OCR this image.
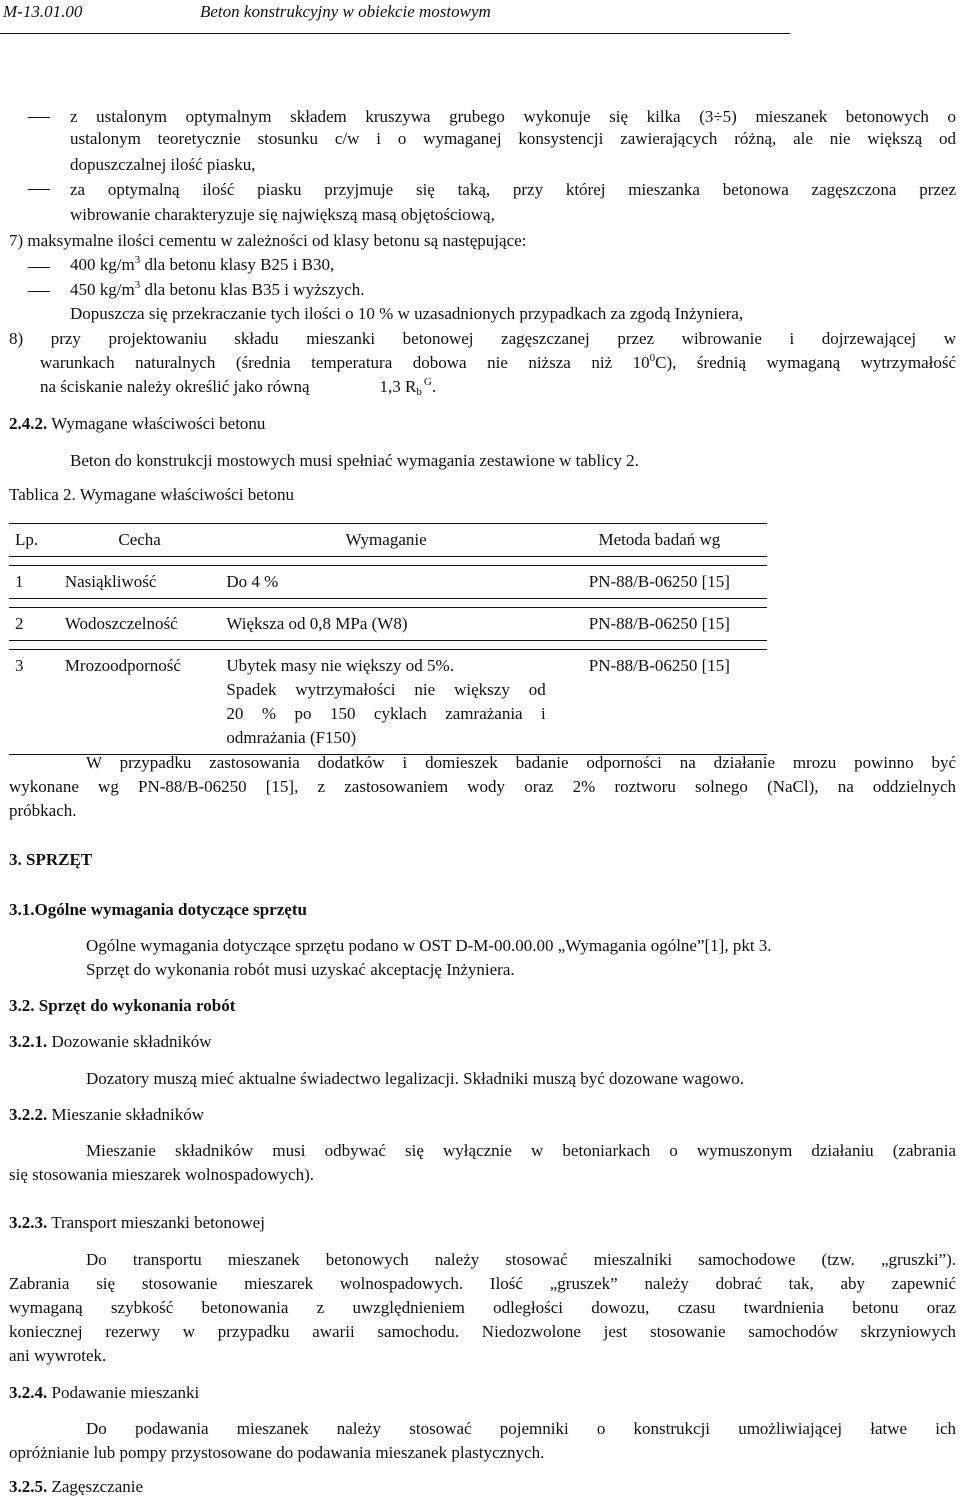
M-13.01.00	Beton konstrukcyjny w obiekcie mostowym
z ustalonym optymalnym składem kruszywa grubego wykonuje się kilka (3÷5) mieszanek betonowych o
ustalonym teoretycznie stosunku c/w i o wymaganej konsystencji zawierających różną, ale nie większą od
dopuszczalnej ilość piasku,
za optymalną ilość piasku przyjmuje się taką, przy której mieszanka betonowa zagęszczona przez
wibrowanie charakteryzuje się największą masą objętościową,
7) maksymalne ilości cementu w zależności od klasy betonu są następujące:
400 $kg/m^3$ dla betonu klasy B25 i B30,
450 $kg/m^3$ dla betonu klas B35 i wyższych.
Dopuszcza się przekraczanie tych ilości o 10 % w uzasadnionych przypadkach za zgodą Inżyniera,
8) przy projektowaniu składu mieszanki betonowej zagęszczanej przez wibrowanie i dojrzewającej w
warunkach naturalnych (średnia temperatura dobowa nie niższa niż $10^0C$), średnią wymaganą wytrzymałość
na ściskanie należy określić jako równą	1,3 $R_b^G$.
2.4.2. Wymagane właściwości betonu
Beton do konstrukcji mostowych musi spełniać wymagania zestawione w tablicy 2.
Tablica 2. Wymagane właściwości betonu
Lp.	Cecha	Wymaganie	Metoda badań wg

1	Nasiąkliwość	Do 4 %	PN-88/B-06250 [15]

2	Wodoszczelność	Większa od 0,8 MPa (W8)	PN-88/B-06250 [15]

3	Mrozoodporność	Ubytek masy nie większy od 5%.
Spadek wytrzymałości nie większy od
20 % po 150 cyklach zamrażania i
odmrażania (F150)	PN-88/B-06250 [15]
W przypadku zastosowania dodatków i domieszek badanie odporności na działanie mrozu powinno być
wykonane wg PN-88/B-06250 [15], z zastosowaniem wody oraz 2% roztworu solnego (NaCl), na oddzielnych
próbkach.
3. SPRZĘT
3.1.Ogólne wymagania dotyczące sprzętu
Ogólne wymagania dotyczące sprzętu podano w OST D-M-00.00.00 „Wymagania ogólne”[1], pkt 3.
Sprzęt do wykonania robót musi uzyskać akceptację Inżyniera.
3.2. Sprzęt do wykonania robót
3.2.1. Dozowanie składników
Dozatory muszą mieć aktualne świadectwo legalizacji. Składniki muszą być dozowane wagowo.
3.2.2. Mieszanie składników
Mieszanie składników musi odbywać się wyłącznie w betoniarkach o wymuszonym działaniu (zabrania
się stosowania mieszarek wolnospadowych).
3.2.3. Transport mieszanki betonowej
Do transportu mieszanek betonowych należy stosować mieszalniki samochodowe (tzw. „gruszki”).
Zabrania się stosowanie mieszarek wolnospadowych. Ilość „gruszek” należy dobrać tak, aby zapewnić
wymaganą szybkość betonowania z uwzględnieniem odległości dowozu, czasu twardnienia betonu oraz
koniecznej rezerwy w przypadku awarii samochodu. Niedozwolone jest stosowanie samochodów skrzyniowych
ani wywrotek.
3.2.4. Podawanie mieszanki
Do podawania mieszanek należy stosować pojemniki o konstrukcji umożliwiającej łatwe ich
opróżnianie lub pompy przystosowane do podawania mieszanek plastycznych.
3.2.5. Zagęszczanie
